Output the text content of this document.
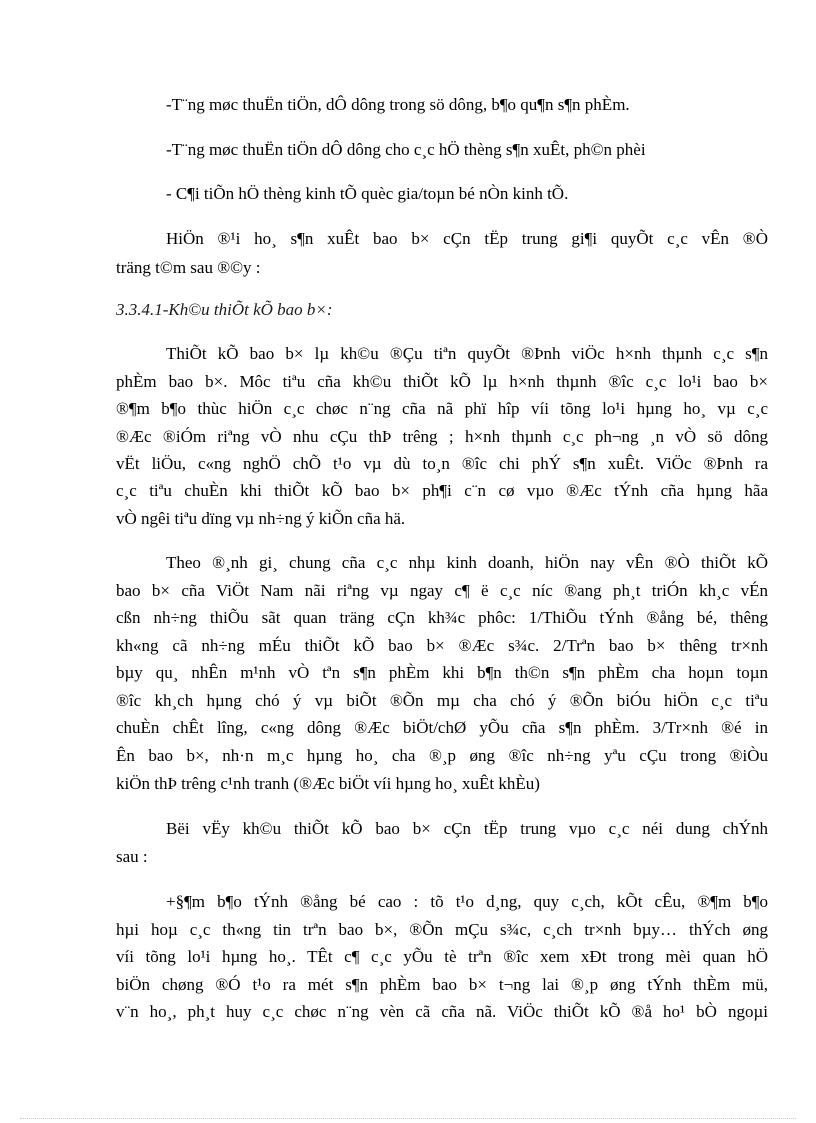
-T¨ng møc thuËn tiÖn, dÔ dông trong sö dông, b¶o qu¶n s¶n phÈm.
-T¨ng møc thuËn tiÖn dÔ dông cho c¸c hÖ thèng s¶n xuÊt, ph©n phèi
- C¶i tiÕn hÖ thèng kinh tÕ quèc gia/toµn bé nÒn kinh tÕ.
HiÖn ®¹i ho¸ s¶n xuÊt bao b× cÇn tËp trung gi¶i quyÕt c¸c vÊn ®Ò
träng t©m sau ®©y :
3.3.4.1-Kh©u thiÕt kÕ bao b×:
ThiÕt kÕ bao b× lµ kh©u ®Çu tiªn quyÕt ®Þnh viÖc h×nh thµnh c¸c s¶n
phÈm bao b×. Môc tiªu cña kh©u thiÕt kÕ lµ h×nh thµnh ®îc c¸c lo¹i bao b×
®¶m b¶o thùc hiÖn c¸c chøc n¨ng cña nã phï hîp víi tõng lo¹i hµng ho¸ vµ c¸c
®Æc ®iÓm riªng vÒ nhu cÇu thÞ trêng ; h×nh thµnh c¸c ph¬ng ¸n vÒ sö dông
vËt liÖu, c«ng nghÖ chÕ t¹o vµ dù to¸n ®îc chi phÝ s¶n xuÊt. ViÖc ®Þnh ra
c¸c tiªu chuÈn khi thiÕt kÕ bao b× ph¶i c¨n cø vµo ®Æc tÝnh cña hµng hãa
vÒ ngêi tiªu dïng vµ nh÷ng ý kiÕn cña hä.
Theo ®¸nh gi¸ chung cña c¸c nhµ kinh doanh, hiÖn nay vÊn ®Ò thiÕt kÕ
bao b× cña ViÖt Nam nãi riªng vµ ngay c¶ ë c¸c níc ®ang ph¸t triÓn kh¸c vÉn
cßn nh÷ng thiÕu sãt quan träng cÇn kh¾c phôc: 1/ThiÕu tÝnh ®ång bé, thêng
kh«ng cã nh÷ng mÉu thiÕt kÕ bao b× ®Æc s¾c. 2/Trªn bao b× thêng tr×nh
bµy qu¸ nhÊn m¹nh vÒ tªn s¶n phÈm khi b¶n th©n s¶n phÈm cha hoµn toµn
®îc kh¸ch hµng chó ý vµ biÕt ®Õn mµ cha chó ý ®Õn biÓu hiÖn c¸c tiªu
chuÈn chÊt lîng, c«ng dông ®Æc biÖt/chØ yÕu cña s¶n phÈm. 3/Tr×nh ®é in
Ên bao b×, nh·n m¸c hµng ho¸ cha ®¸p øng ®îc nh÷ng yªu cÇu trong ®iÒu
kiÖn thÞ trêng c¹nh tranh (®Æc biÖt víi hµng ho¸ xuÊt khÈu)
Bëi vËy kh©u thiÕt kÕ bao b× cÇn tËp trung vµo c¸c néi dung chÝnh
sau :
+§¶m b¶o tÝnh ®ång bé cao : tõ t¹o d¸ng, quy c¸ch, kÕt cÊu, ®¶m b¶o
hµi hoµ c¸c th«ng tin trªn bao b×, ®Õn mÇu s¾c, c¸ch tr×nh bµy… thÝch øng
víi tõng lo¹i hµng ho¸. TÊt c¶ c¸c yÕu tè trªn ®îc xem xÐt trong mèi quan hÖ
biÖn chøng ®Ó t¹o ra mét s¶n phÈm bao b× t¬ng lai ®¸p øng tÝnh thÈm mü,
v¨n ho¸, ph¸t huy c¸c chøc n¨ng vèn cã cña nã. ViÖc thiÕt kÕ ®å ho¹ bÒ ngoµi
